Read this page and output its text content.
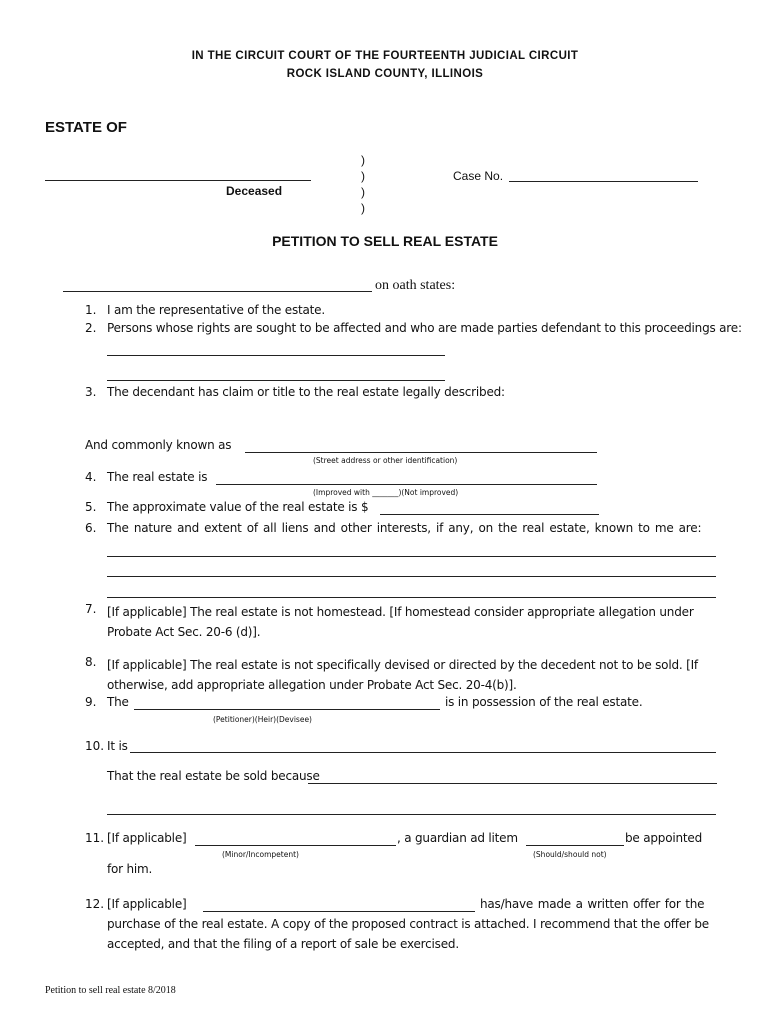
IN THE CIRCUIT COURT OF THE FOURTEENTH JUDICIAL CIRCUIT
ROCK ISLAND COUNTY, ILLINOIS
ESTATE OF
Deceased
)
)
)
)
Case No.
PETITION TO SELL REAL ESTATE
on oath states:
1. I am the representative of the estate.
2. Persons whose rights are sought to be affected and who are made parties defendant to this proceedings are:
3. The decendant has claim or title to the real estate legally described:
And commonly known as
(Street address or other identification)
4. The real estate is
(Improved with _______)(Not improved)
5. The approximate value of the real estate is $
6. The nature and extent of all liens and other interests, if any, on the real estate, known to me are:
7. [If applicable] The real estate is not homestead. [If homestead consider appropriate allegation under Probate Act Sec. 20-6 (d)].
8. [If applicable] The real estate is not specifically devised or directed by the decedent not to be sold. [If otherwise, add appropriate allegation under Probate Act Sec. 20-4(b)].
9. The	is in possession of the real estate.
(Petitioner)(Heir)(Devisee)
10. It is
That the real estate be sold because
11. [If applicable]	, a guardian ad litem	be appointed
(Minor/Incompetent)	(Should/should not)
for him.
12. [If applicable]	has/have made a written offer for the
purchase of the real estate. A copy of the proposed contract is attached. I recommend that the offer be accepted, and that the filing of a report of sale be exercised.
Petition to sell real estate 8/2018
